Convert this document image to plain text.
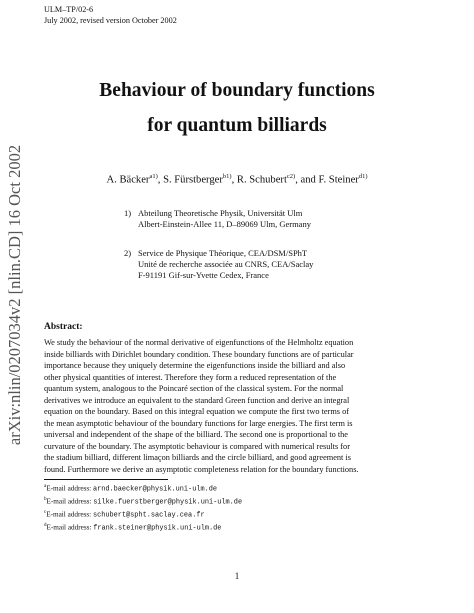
arXiv:nlin/0207034v2 [nlin.CD] 16 Oct 2002
ULM–TP/02-6
July 2002, revised version October 2002
Behaviour of boundary functions
for quantum billiards
A. Bäcker$^{a1)}$, S. Fürstberger$^{b1)}$, R. Schubert$^{c2)}$, and F. Steiner$^{d1)}$
1) Abteilung Theoretische Physik, Universität Ulm
Albert-Einstein-Allee 11, D–89069 Ulm, Germany
2) Service de Physique Théorique, CEA/DSM/SPhT
Unité de recherche associée au CNRS, CEA/Saclay
F-91191 Gif-sur-Yvette Cedex, France
Abstract:
We study the behaviour of the normal derivative of eigenfunctions of the Helmholtz equation
inside billiards with Dirichlet boundary condition. These boundary functions are of particular
importance because they uniquely determine the eigenfunctions inside the billiard and also
other physical quantities of interest. Therefore they form a reduced representation of the
quantum system, analogous to the Poincaré section of the classical system. For the normal
derivatives we introduce an equivalent to the standard Green function and derive an integral
equation on the boundary. Based on this integral equation we compute the first two terms of
the mean asymptotic behaviour of the boundary functions for large energies. The first term is
universal and independent of the shape of the billiard. The second one is proportional to the
curvature of the boundary. The asymptotic behaviour is compared with numerical results for
the stadium billiard, different limaçon billiards and the circle billiard, and good agreement is
found. Furthermore we derive an asymptotic completeness relation for the boundary functions.
$^a$E-mail address: arnd.baecker@physik.uni-ulm.de
$^b$E-mail address: silke.fuerstberger@physik.uni-ulm.de
$^c$E-mail address: schubert@spht.saclay.cea.fr
$^d$E-mail address: frank.steiner@physik.uni-ulm.de
1
